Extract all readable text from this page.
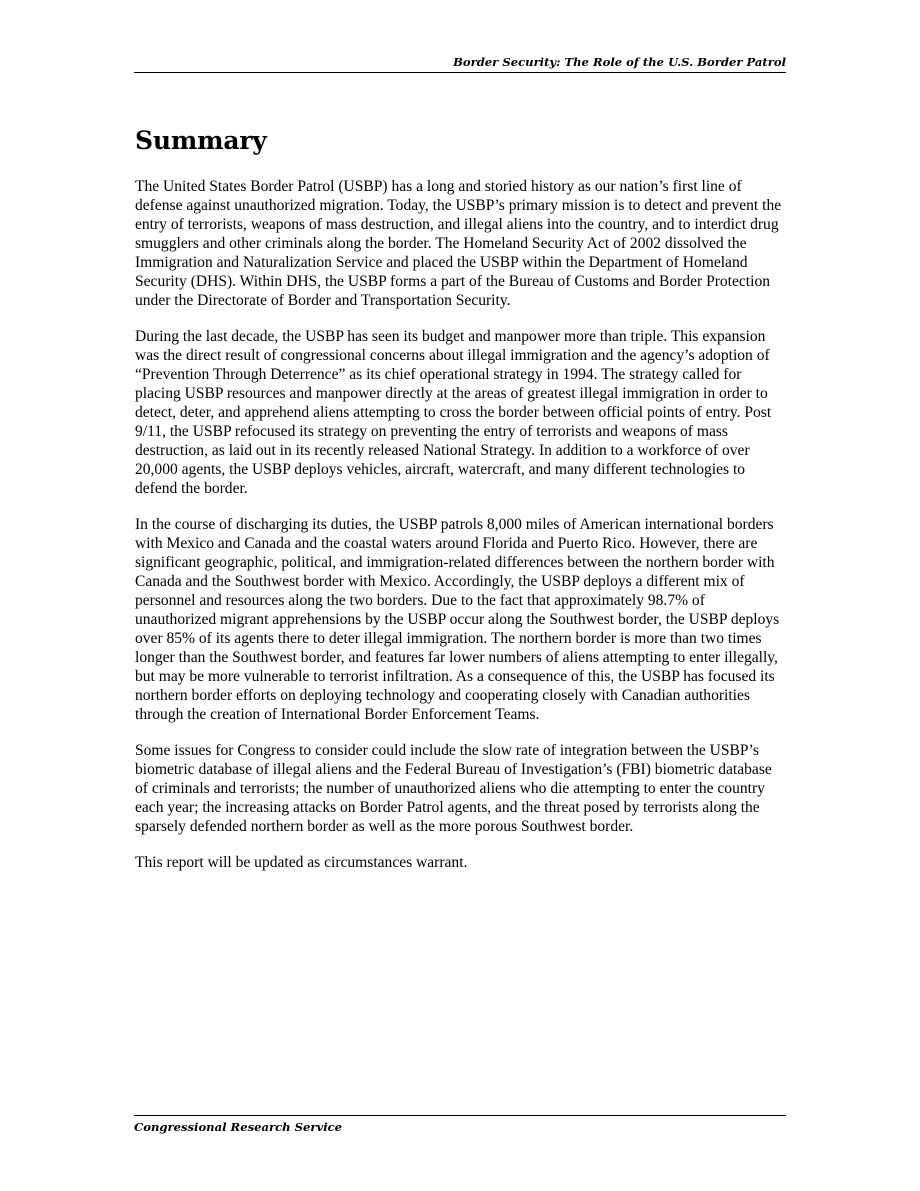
Border Security: The Role of the U.S. Border Patrol
Summary

The United States Border Patrol (USBP) has a long and storied history as our nation’s first line of defense against unauthorized migration. Today, the USBP’s primary mission is to detect and prevent the entry of terrorists, weapons of mass destruction, and illegal aliens into the country, and to interdict drug smugglers and other criminals along the border. The Homeland Security Act of 2002 dissolved the Immigration and Naturalization Service and placed the USBP within the Department of Homeland Security (DHS). Within DHS, the USBP forms a part of the Bureau of Customs and Border Protection under the Directorate of Border and Transportation Security.

During the last decade, the USBP has seen its budget and manpower more than triple. This expansion was the direct result of congressional concerns about illegal immigration and the agency’s adoption of “Prevention Through Deterrence” as its chief operational strategy in 1994. The strategy called for placing USBP resources and manpower directly at the areas of greatest illegal immigration in order to detect, deter, and apprehend aliens attempting to cross the border between official points of entry. Post 9/11, the USBP refocused its strategy on preventing the entry of terrorists and weapons of mass destruction, as laid out in its recently released National Strategy. In addition to a workforce of over 20,000 agents, the USBP deploys vehicles, aircraft, watercraft, and many different technologies to defend the border.

In the course of discharging its duties, the USBP patrols 8,000 miles of American international borders with Mexico and Canada and the coastal waters around Florida and Puerto Rico. However, there are significant geographic, political, and immigration-related differences between the northern border with Canada and the Southwest border with Mexico. Accordingly, the USBP deploys a different mix of personnel and resources along the two borders. Due to the fact that approximately 98.7% of unauthorized migrant apprehensions by the USBP occur along the Southwest border, the USBP deploys over 85% of its agents there to deter illegal immigration. The northern border is more than two times longer than the Southwest border, and features far lower numbers of aliens attempting to enter illegally, but may be more vulnerable to terrorist infiltration. As a consequence of this, the USBP has focused its northern border efforts on deploying technology and cooperating closely with Canadian authorities through the creation of International Border Enforcement Teams.

Some issues for Congress to consider could include the slow rate of integration between the USBP’s biometric database of illegal aliens and the Federal Bureau of Investigation’s (FBI) biometric database of criminals and terrorists; the number of unauthorized aliens who die attempting to enter the country each year; the increasing attacks on Border Patrol agents, and the threat posed by terrorists along the sparsely defended northern border as well as the more porous Southwest border.

This report will be updated as circumstances warrant.

Congressional Research Service
